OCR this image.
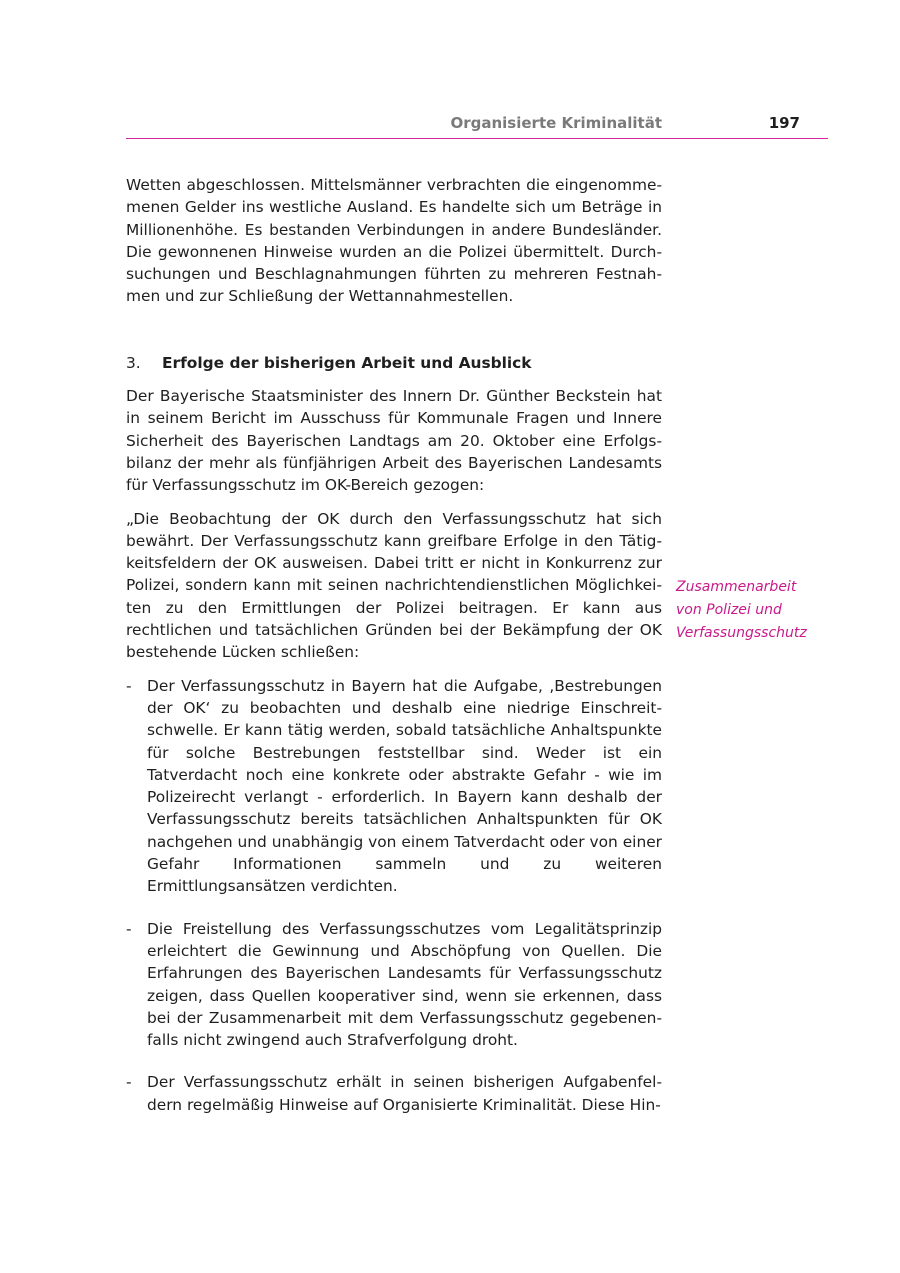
Organisierte Kriminalität	197

Wetten abgeschlossen. Mittelsmänner verbrachten die eingenommemenen Gelder ins westliche Ausland. Es handelte sich um Beträge in Millionenhöhe. Es bestanden Verbindungen in andere Bundesländer. Die gewonnenen Hinweise wurden an die Polizei übermittelt. Durchsuchungen und Beschlagnahmungen führten zu mehreren Festnahmen und zur Schließung der Wettannahmestellen.

3. Erfolge der bisherigen Arbeit und Ausblick

Der Bayerische Staatsminister des Innern Dr. Günther Beckstein hat in seinem Bericht im Ausschuss für Kommunale Fragen und Innere Sicherheit des Bayerischen Landtags am 20. Oktober eine Erfolgsbilanz der mehr als fünfjährigen Arbeit des Bayerischen Landesamts für Verfassungsschutz im OK-Bereich gezogen:

„Die Beobachtung der OK durch den Verfassungsschutz hat sich bewährt. Der Verfassungsschutz kann greifbare Erfolge in den Tätigkeitsfeldern der OK ausweisen. Dabei tritt er nicht in Konkurrenz zur Polizei, sondern kann mit seinen nachrichtendienstlichen Möglichkeiten zu den Ermittlungen der Polizei beitragen. Er kann aus rechtlichen und tatsächlichen Gründen bei der Bekämpfung der OK bestehende Lücken schließen:

- Der Verfassungsschutz in Bayern hat die Aufgabe, ‚Bestrebungen der OK‘ zu beobachten und deshalb eine niedrige Einschreitschwelle. Er kann tätig werden, sobald tatsächliche Anhaltspunkte für solche Bestrebungen feststellbar sind. Weder ist ein Tatverdacht noch eine konkrete oder abstrakte Gefahr - wie im Polizeirecht verlangt - erforderlich. In Bayern kann deshalb der Verfassungsschutz bereits tatsächlichen Anhaltspunkten für OK nachgehen und unabhängig von einem Tatverdacht oder von einer Gefahr Informationen sammeln und zu weiteren Ermittlungsansätzen verdichten.
- Die Freistellung des Verfassungsschutzes vom Legalitätsprinzip erleichtert die Gewinnung und Abschöpfung von Quellen. Die Erfahrungen des Bayerischen Landesamts für Verfassungsschutz zeigen, dass Quellen kooperativer sind, wenn sie erkennen, dass bei der Zusammenarbeit mit dem Verfassungsschutz gegebenenfalls nicht zwingend auch Strafverfolgung droht.
- Der Verfassungsschutz erhält in seinen bisherigen Aufgabenfeldern regelmäßig Hinweise auf Organisierte Kriminalität. Diese Hin-
Zusammenarbeit
von Polizei und
Verfassungsschutz
